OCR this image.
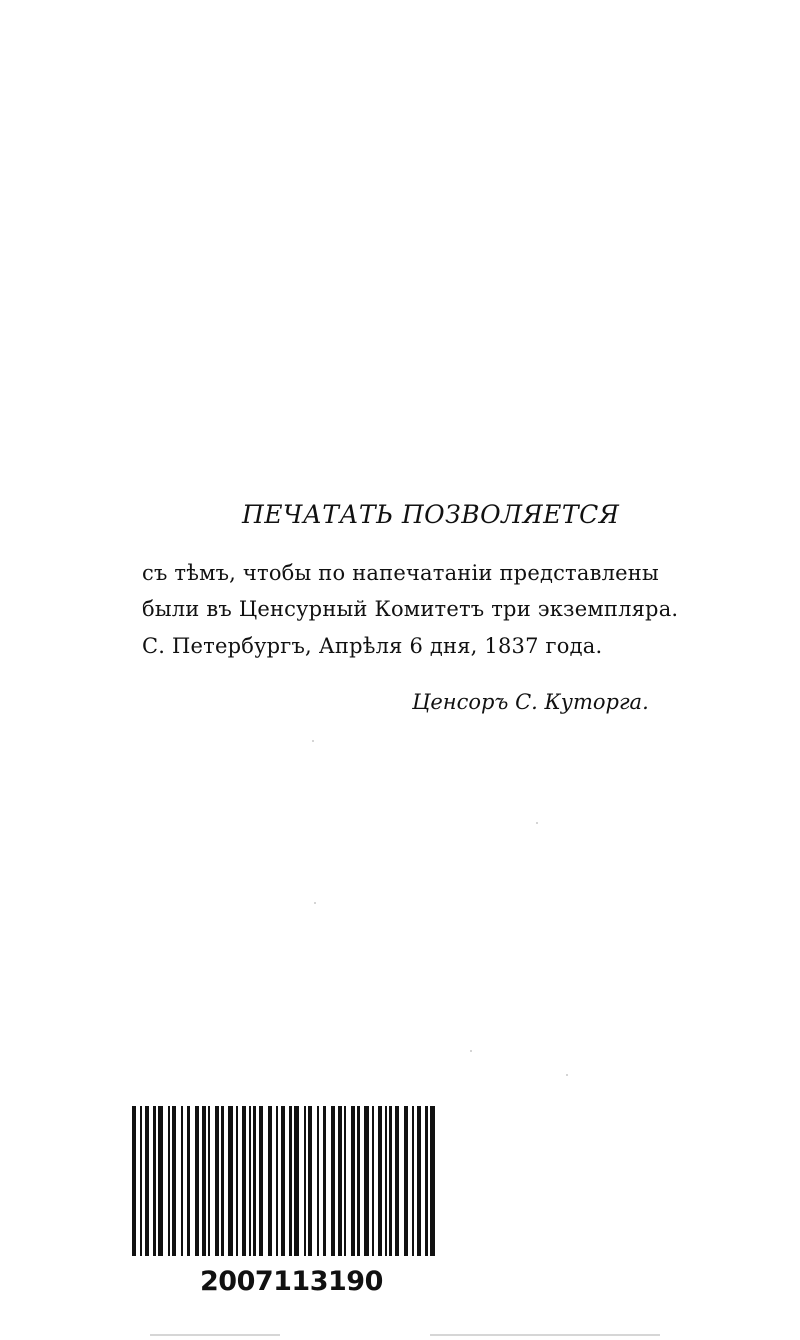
ПЕЧАТАТЬ ПОЗВОЛЯЕТСЯ
съ тѣмъ, чтобы по напечатаніи представлены
были въ Ценсурный Комитетъ три экземпляра.
С. Петербургъ, Апрѣля 6 дня, 1837 года.
Ценсоръ С. Куторга.
2007113190
